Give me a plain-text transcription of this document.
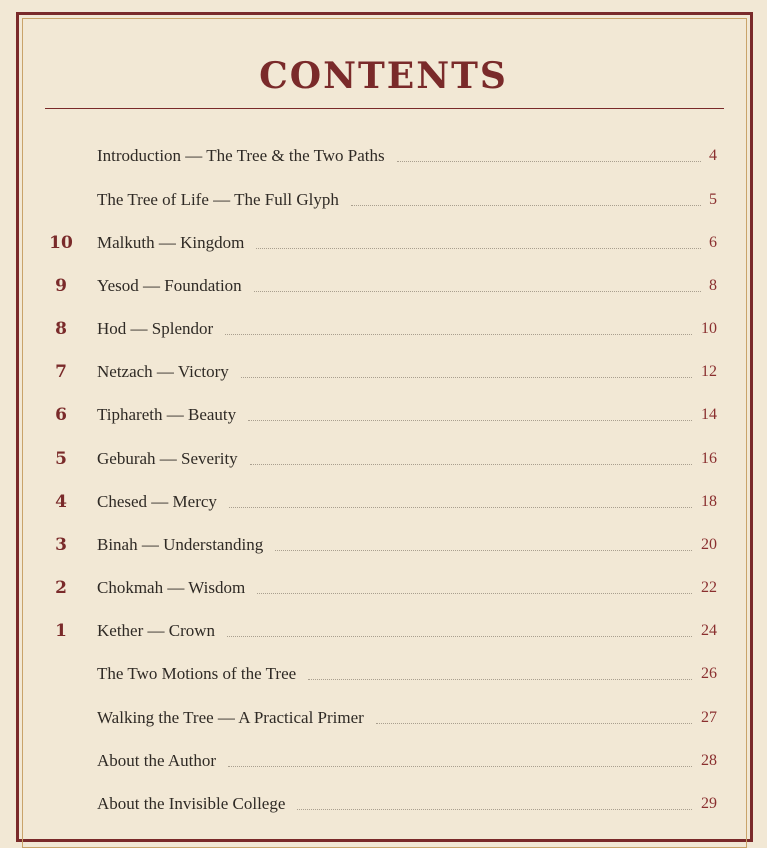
CONTENTS
Introduction — The Tree & the Two Paths	4
The Tree of Life — The Full Glyph	5
10 Malkuth — Kingdom	6
9	Yesod — Foundation	8
8	Hod — Splendor	10
7	Netzach — Victory	12
6	Tiphareth — Beauty	14
5	Geburah — Severity	16
4	Chesed — Mercy	18
3	Binah — Understanding	20
2	Chokmah — Wisdom	22
1	Kether — Crown	24
The Two Motions of the Tree	26
Walking the Tree — A Practical Primer	27
About the Author	28
About the Invisible College	29
